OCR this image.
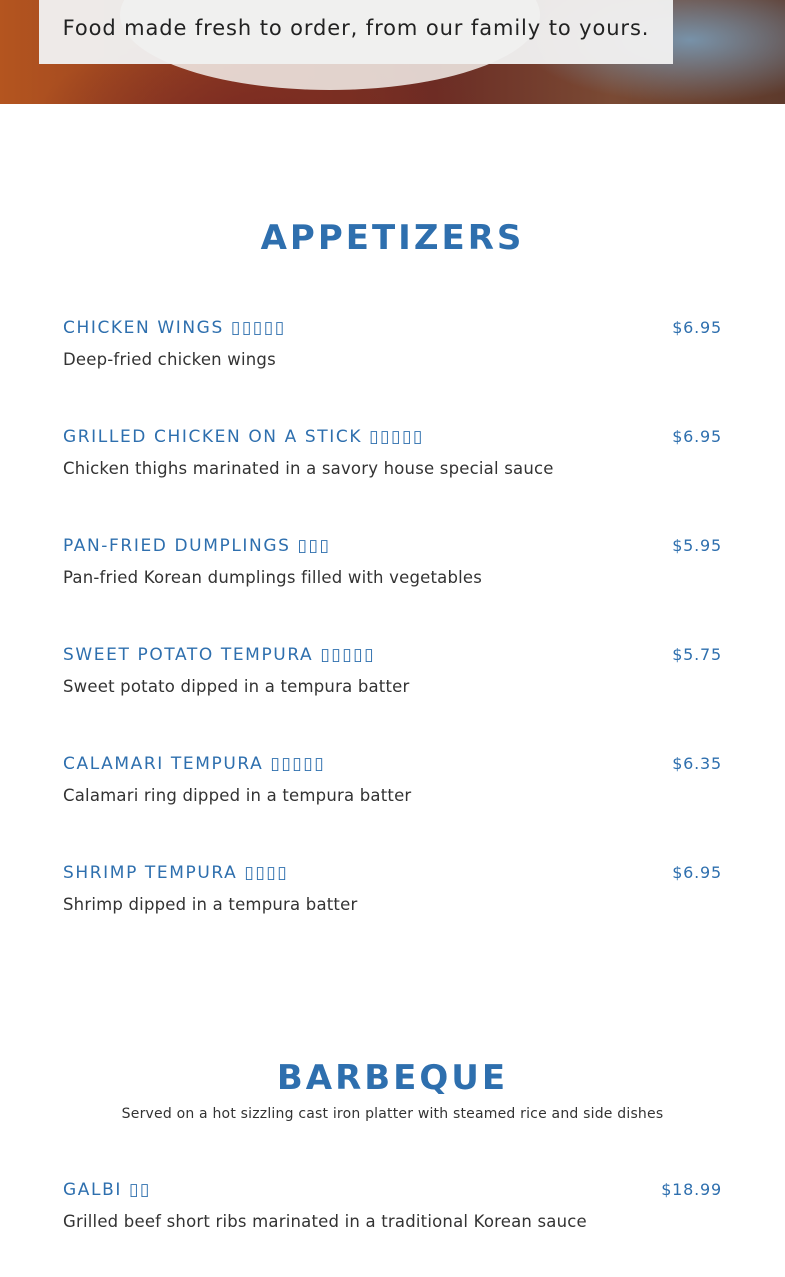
Food made fresh to order, from our family to yours.
APPETIZERS
CHICKEN WINGS ▯▯▯▯▯	$6.95
Deep-fried chicken wings
GRILLED CHICKEN ON A STICK ▯▯▯▯▯	$6.95
Chicken thighs marinated in a savory house special sauce
PAN-FRIED DUMPLINGS ▯▯▯	$5.95
Pan-fried Korean dumplings filled with vegetables
SWEET POTATO TEMPURA ▯▯▯▯▯	$5.75
Sweet potato dipped in a tempura batter
CALAMARI TEMPURA ▯▯▯▯▯	$6.35
Calamari ring dipped in a tempura batter
SHRIMP TEMPURA ▯▯▯▯	$6.95
Shrimp dipped in a tempura batter
BARBEQUE

Served on a hot sizzling cast iron platter with steamed rice and side dishes

GALBI ▯▯	$18.99
Grilled beef short ribs marinated in a traditional Korean sauce
